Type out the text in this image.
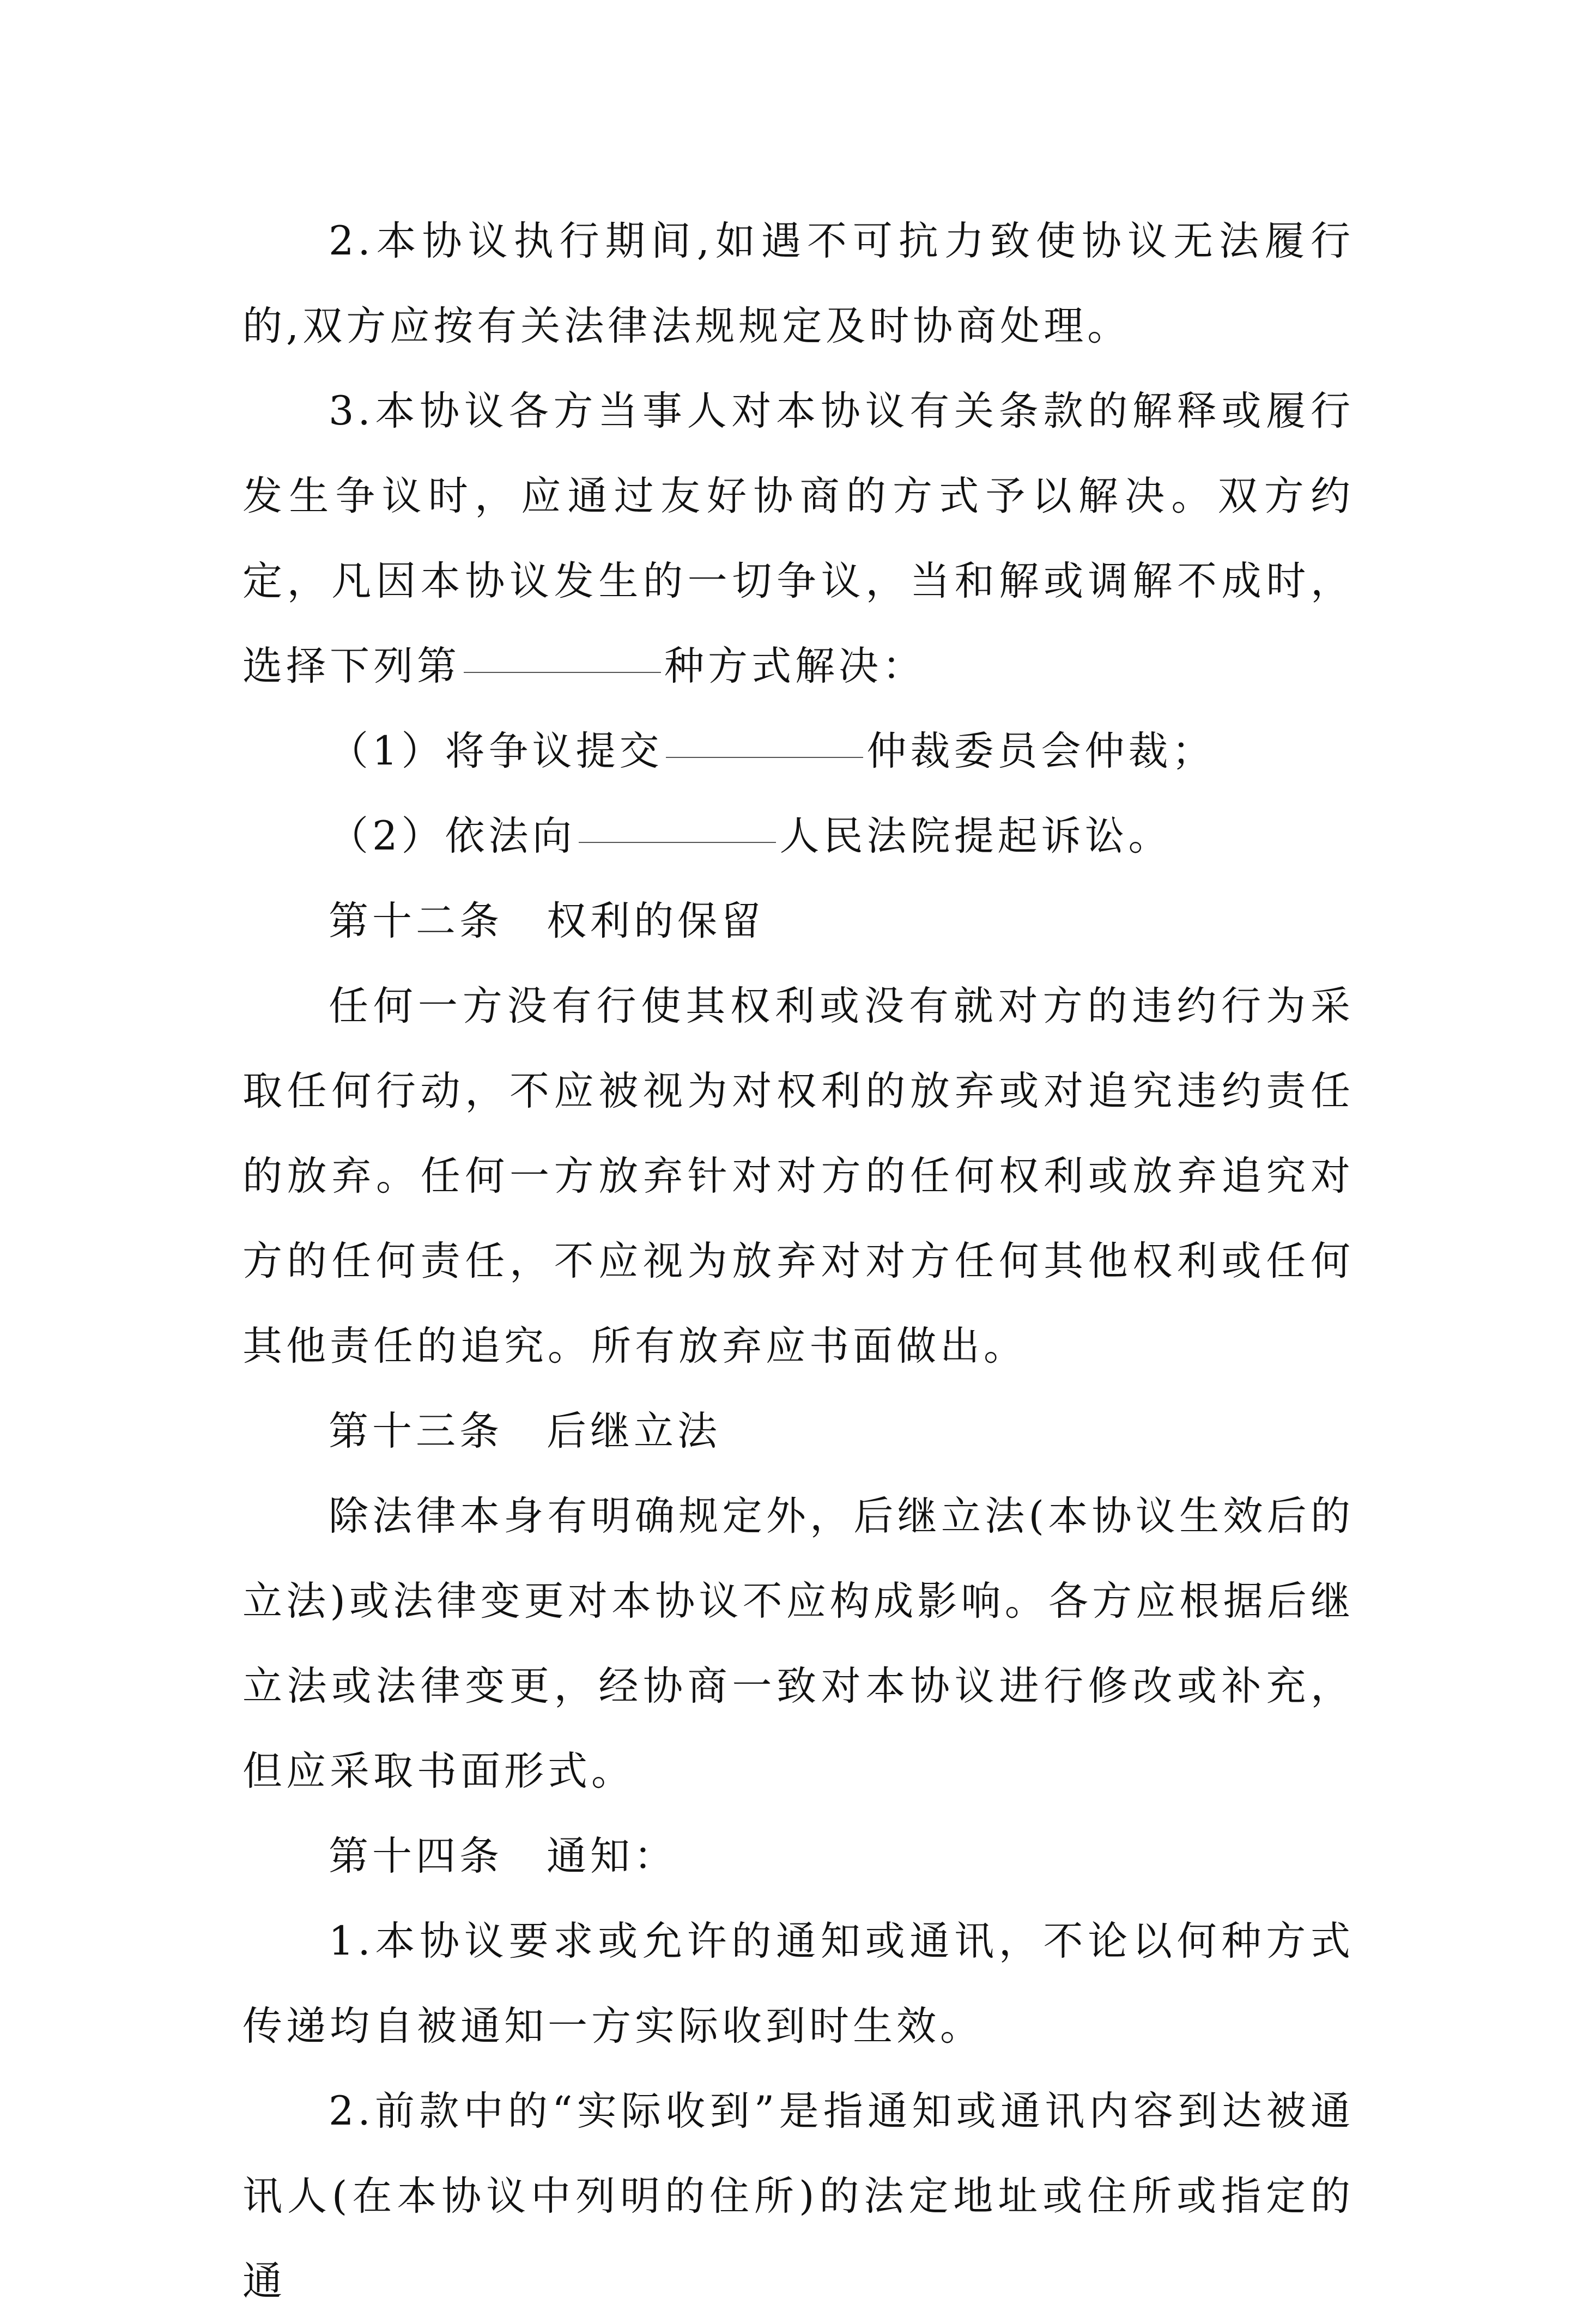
2.本协议执行期间,如遇不可抗力致使协议无法履行的,双方应按有关法律法规规定及时协商处理。

3.本协议各方当事人对本协议有关条款的解释或履行发生争议时，应通过友好协商的方式予以解决。双方约定，凡因本协议发生的一切争议，当和解或调解不成时，选择下列第	种方式解决：

（1）将争议提交	仲裁委员会仲裁；

（2）依法向	人民法院提起诉讼。

第十二条　权利的保留

任何一方没有行使其权利或没有就对方的违约行为采取任何行动，不应被视为对权利的放弃或对追究违约责任的放弃。任何一方放弃针对对方的任何权利或放弃追究对方的任何责任，不应视为放弃对对方任何其他权利或任何其他责任的追究。所有放弃应书面做出。

第十三条　后继立法

除法律本身有明确规定外，后继立法(本协议生效后的立法)或法律变更对本协议不应构成影响。各方应根据后继立法或法律变更，经协商一致对本协议进行修改或补充，但应采取书面形式。

第十四条　通知：

1.本协议要求或允许的通知或通讯，不论以何种方式传递均自被通知一方实际收到时生效。

2.前款中的“实际收到”是指通知或通讯内容到达被通讯人(在本协议中列明的住所)的法定地址或住所或指定的通
